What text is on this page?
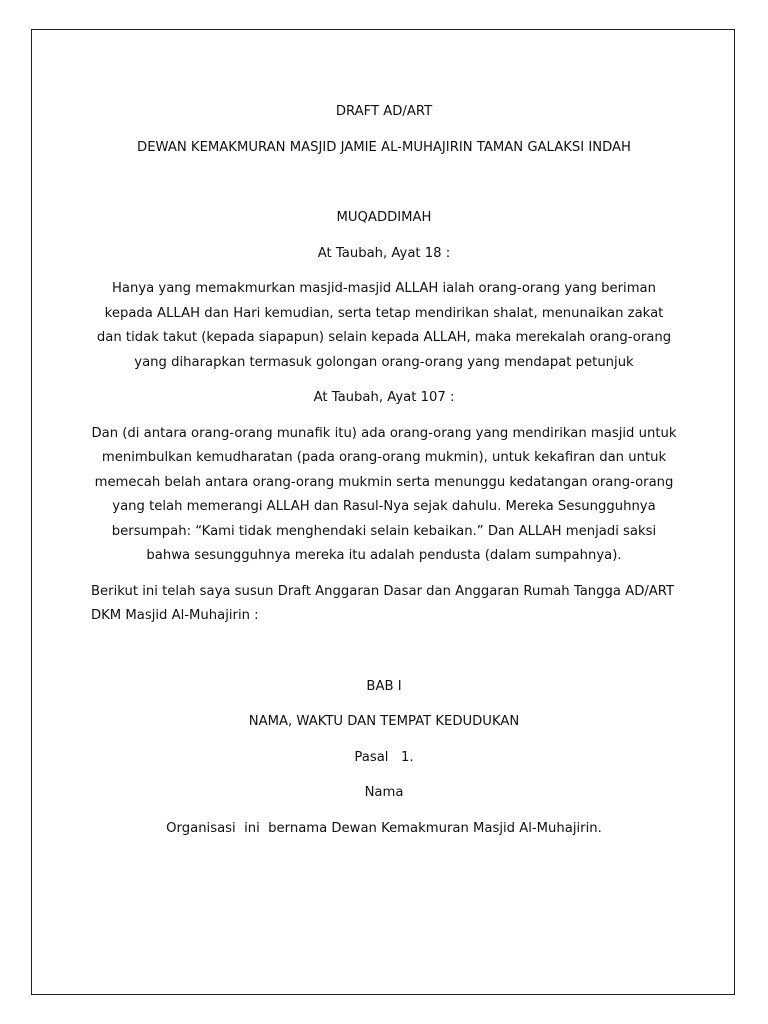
DRAFT AD/ART

DEWAN KEMAKMURAN MASJID JAMIE AL-MUHAJIRIN TAMAN GALAKSI INDAH

MUQADDIMAH

At Taubah, Ayat 18 :

Hanya yang memakmurkan masjid-masjid ALLAH ialah orang-orang yang beriman kepada ALLAH dan Hari kemudian, serta tetap mendirikan shalat, menunaikan zakat dan tidak takut (kepada siapapun) selain kepada ALLAH, maka merekalah orang-orang yang diharapkan termasuk golongan orang-orang yang mendapat petunjuk

At Taubah, Ayat 107 :

Dan (di antara orang-orang munafik itu) ada orang-orang yang mendirikan masjid untuk menimbulkan kemudharatan (pada orang-orang mukmin), untuk kekafiran dan untuk memecah belah antara orang-orang mukmin serta menunggu kedatangan orang-orang yang telah memerangi ALLAH dan Rasul-Nya sejak dahulu. Mereka Sesungguhnya bersumpah: “Kami tidak menghendaki selain kebaikan.” Dan ALLAH menjadi saksi bahwa sesungguhnya mereka itu adalah pendusta (dalam sumpahnya).

Berikut ini telah saya susun Draft Anggaran Dasar dan Anggaran Rumah Tangga AD/ART DKM Masjid Al-Muhajirin :

BAB I

NAMA, WAKTU DAN TEMPAT KEDUDUKAN

Pasal   1.

Nama

Organisasi  ini  bernama Dewan Kemakmuran Masjid Al-Muhajirin.
